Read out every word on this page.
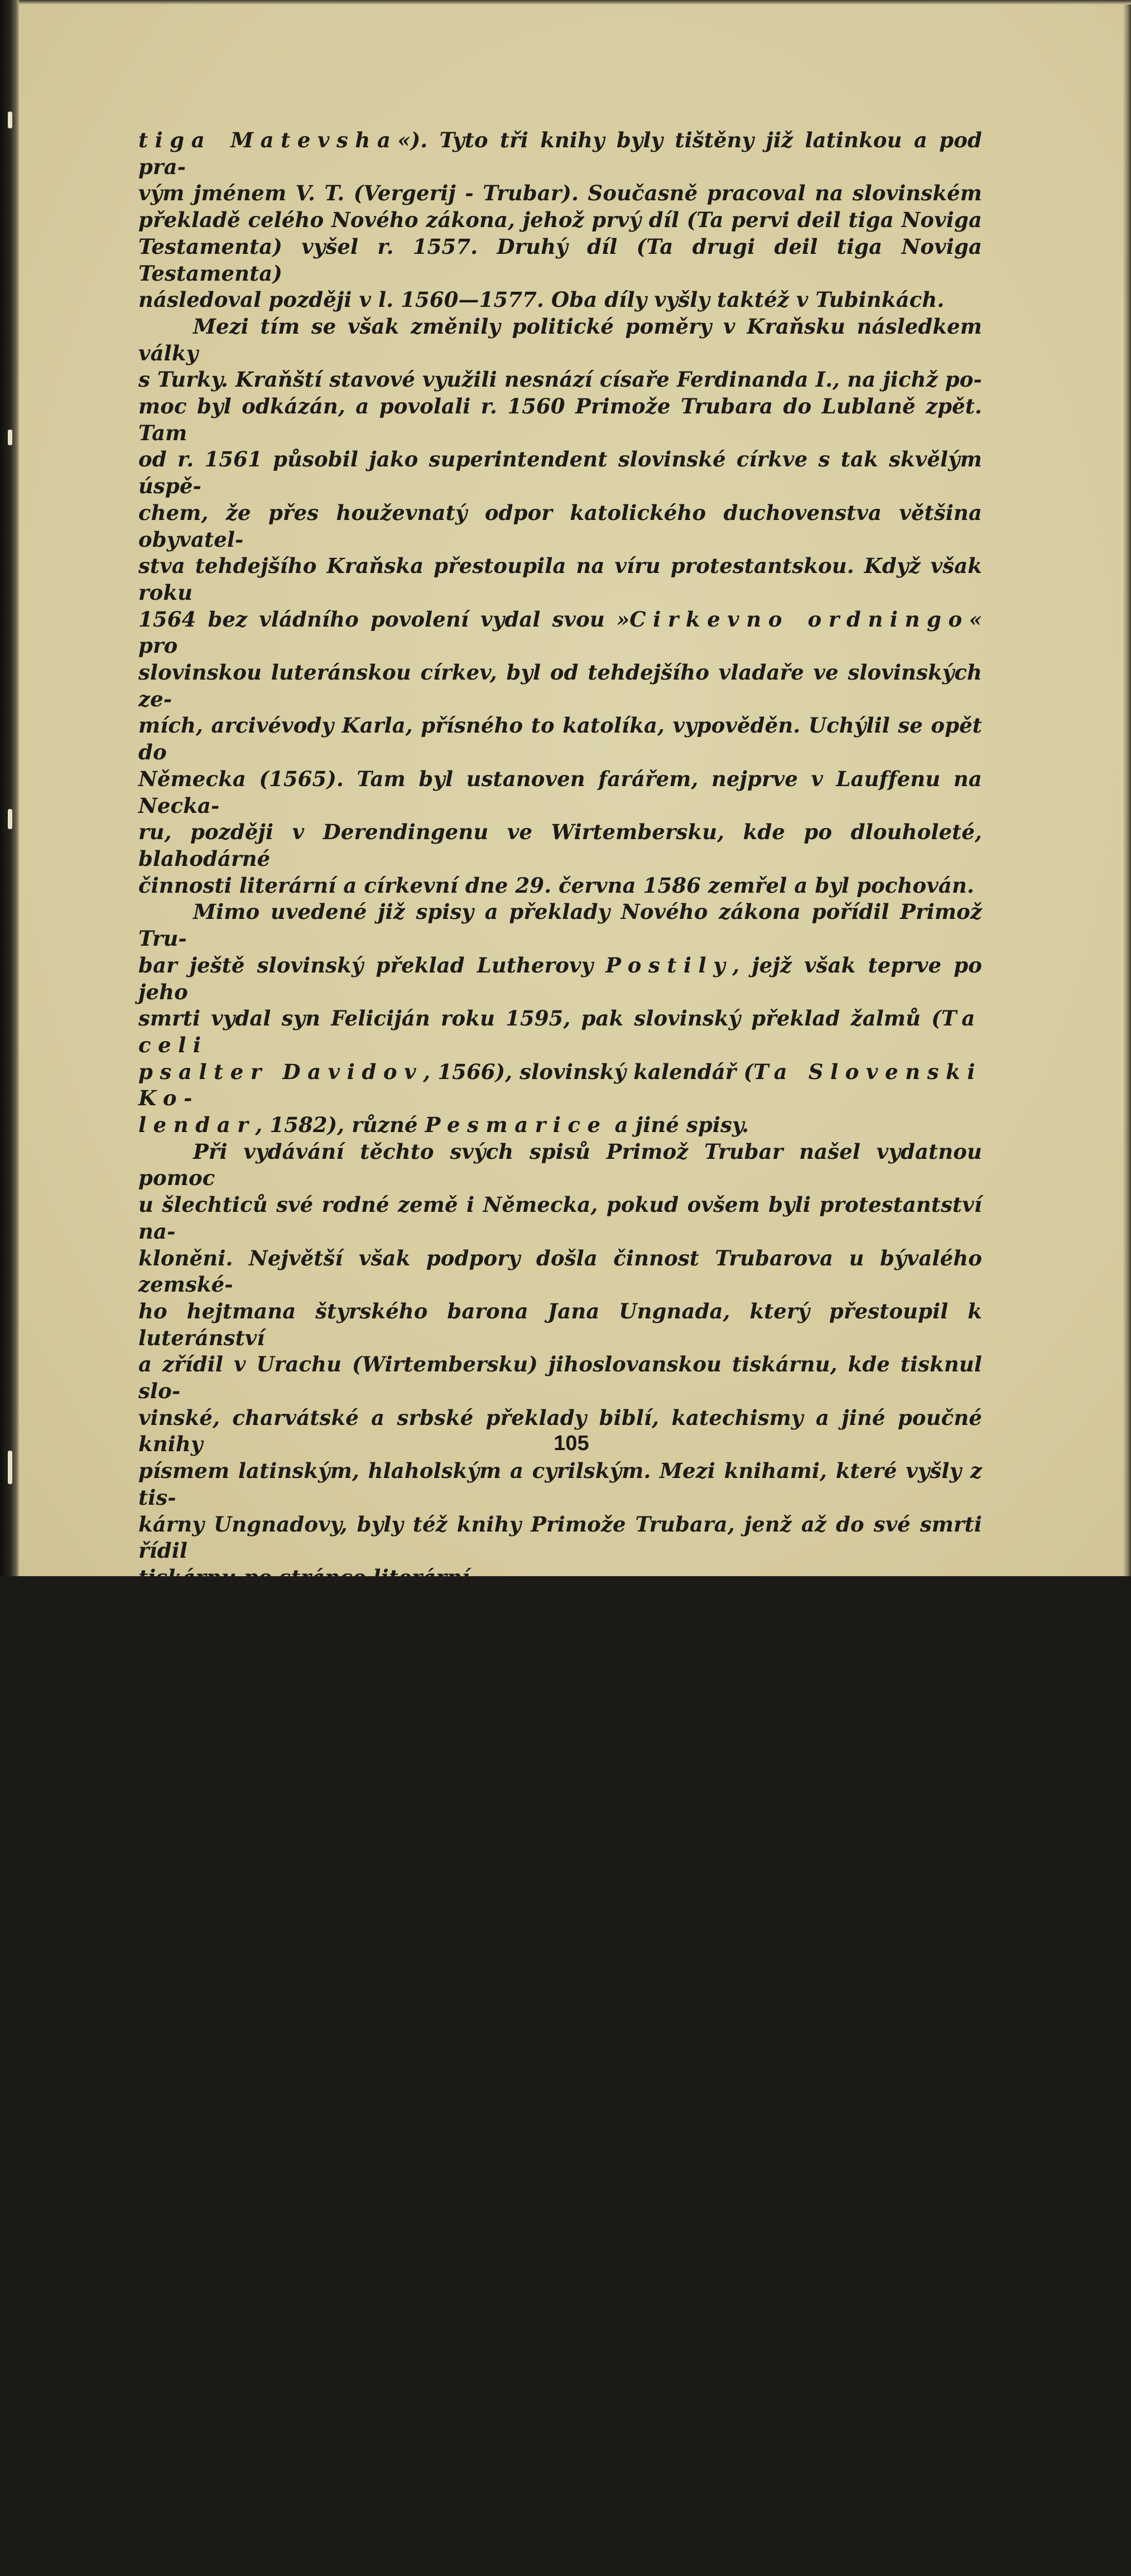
tiga Matevsha«). Tyto tři knihy byly tištěny již latinkou a pod pra-

vým jménem V. T. (Vergerij - Trubar). Současně pracoval na slovinském

překladě celého Nového zákona, jehož prvý díl (Ta pervi deil tiga Noviga

Testamenta) vyšel r. 1557. Druhý díl (Ta drugi deil tiga Noviga Testamenta)

následoval později v l. 1560—1577. Oba díly vyšly taktéž v Tubinkách.

Mezi tím se však změnily politické poměry v Kraňsku následkem války

s Turky. Kraňští stavové využili nesnází císaře Ferdinanda I., na jichž po-

moc byl odkázán, a povolali r. 1560 Primože Trubara do Lublaně zpět. Tam

od r. 1561 působil jako superintendent slovinské církve s tak skvělým úspě-

chem, že přes houževnatý odpor katolického duchovenstva většina obyvatel-

stva tehdejšího Kraňska přestoupila na víru protestantskou. Když však roku

1564 bez vládního povolení vydal svou »Cirkevno ordningo« pro

slovinskou luteránskou církev, byl od tehdejšího vladaře ve slovinských ze-

mích, arcivévody Karla, přísného to katolíka, vypověděn. Uchýlil se opět do

Německa (1565). Tam byl ustanoven farářem, nejprve v Lauffenu na Necka-

ru, později v Derendingenu ve Wirtembersku, kde po dlouholeté, blahodárné

činnosti literární a církevní dne 29. června 1586 zemřel a byl pochován.

Mimo uvedené již spisy a překlady Nového zákona pořídil Primož Tru-

bar ještě slovinský překlad Lutherovy Postily, jejž však teprve po jeho

smrti vydal syn Feliciján roku 1595, pak slovinský překlad žalmů (Ta celi

psalter Davidov, 1566), slovinský kalendář (Ta Slovenski Ko-

lendar, 1582), různé Pesmarice a jiné spisy.

Při vydávání těchto svých spisů Primož Trubar našel vydatnou pomoc

u šlechticů své rodné země i Německa, pokud ovšem byli protestantství na-

kloněni. Největší však podpory došla činnost Trubarova u bývalého zemské-

ho hejtmana štyrského barona Jana Ungnada, který přestoupil k luteránství

a zřídil v Urachu (Wirtembersku) jihoslovanskou tiskárnu, kde tisknul slo-

vinské, charvátské a srbské překlady biblí, katechismy a jiné poučné knihy

písmem latinským, hlaholským a cyrilským. Mezi knihami, které vyšly z tis-

kárny Ungnadovy, byly též knihy Primože Trubara, jenž až do své smrti řídil

tiskárnu po stránce literární.

Po nejstarší literární památce, v slovinštině sepsané, t. zv. Frisinských

zlomcích (dvou zpovědních formulích a úryvku z nábožné řeči), jichž

původ se klade do X. století, neobjevil se slovinský jazyk v písemných pa-

mátkách literárních. Teprve Primož Trubar užívá opět slovinštiny ve svých

knihách, aby byly srozumitelnými celému národu, při čemž — jelikož tehdy

nebylo žádného slovinského pravopisu — si musil pravopis nově vymysliti a

sestaviti. Tento Trubarův pravopis udržel se u Slovinců s malými změnami

až do začátku XIX. století. Ve svých spisech užíval Trubar, jsa rodák do-

leňský, doleňského nářečí. Jelikož překládal pouze z němčiny, trpěl jeho ja-

zyk různými germanismy, naproti tomu však zachoval budoucnosti mnoho

starých slovinských výrazů a vazeb, jež by byly jinak zanikly. Svou spisova-

telskou činností a svým příkladem nadchnul řadu jiných Jihoslovanů, mezi

nimi Šebastiana Krelja, Jurije Juričiče, Adama Bohoriče, Jurije Dalmatina

a jiné, kteří pokračovali v započatém literárním díle. Tím nastalo první, nad-

míru skvělé období slovinské literatury, t. zv. období protestantské, jež však

trvalo pouze od roku 1530 do 1598, kdy bylo zatlačeno protireformací. Prá-

vem se proto označuje Primož Trubar za otce a zakladatele slovinského ja-

zyka spisovného a slovinské literatury.

Činnost jeho se však neomezovala pouze na kraje slovinské. S baronem

Janem Ungnadem zamýšlel získati všechny jižní Slovany pro víru evange-

105
